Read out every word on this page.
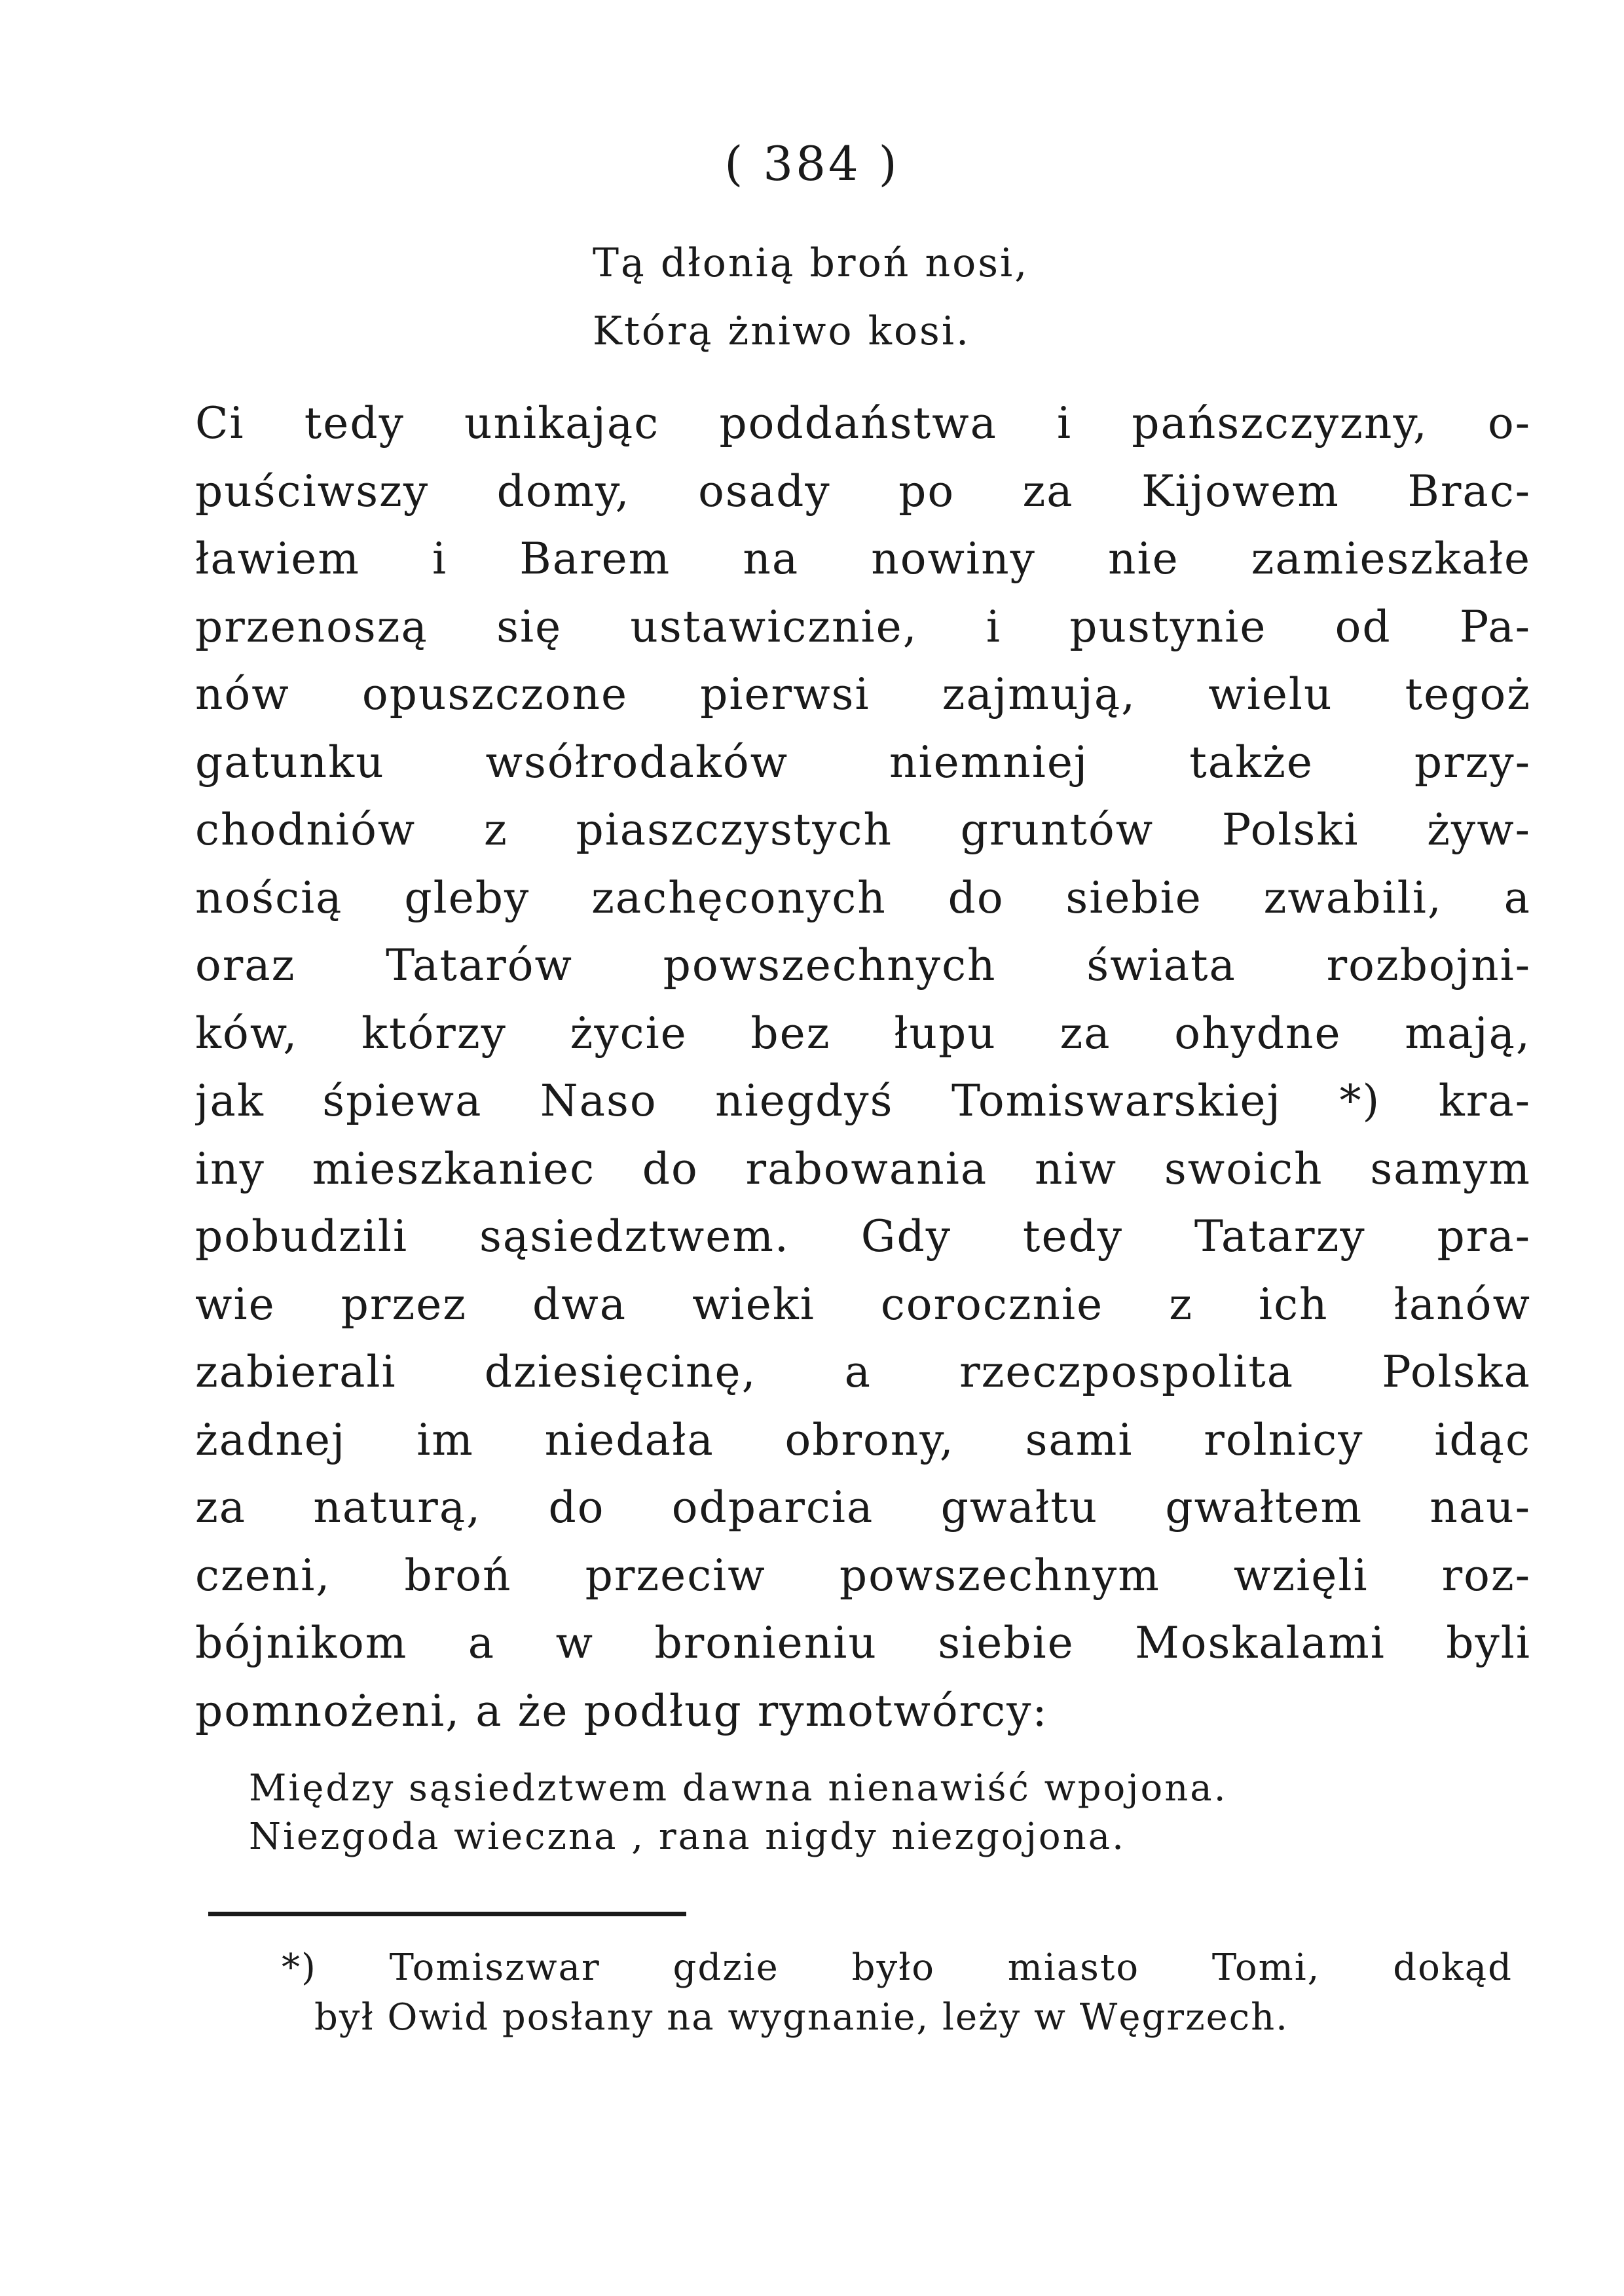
( 384 )
Tą dłonią broń nosi,
Którą żniwo kosi.
Ci tedy unikając poddaństwa i pańszczyzny, o-
puściwszy domy, osady po za Kijowem Brac-
ławiem i Barem na nowiny nie zamieszkałe
przenoszą się ustawicznie, i pustynie od Pa-
nów opuszczone pierwsi zajmują, wielu tegoż
gatunku wsółrodaków niemniej także przy-
chodniów z piaszczystych gruntów Polski żyw-
nością gleby zachęconych do siebie zwabili, a
oraz Tatarów powszechnych świata rozbojni-
ków, którzy życie bez łupu za ohydne mają,
jak śpiewa Naso niegdyś Tomiswarskiej *) kra-
iny mieszkaniec do rabowania niw swoich samym
pobudzili sąsiedztwem. Gdy tedy Tatarzy pra-
wie przez dwa wieki corocznie z ich łanów
zabierali dziesięcinę, a rzeczpospolita Polska
żadnej im niedała obrony, sami rolnicy idąc
za naturą, do odparcia gwałtu gwałtem nau-
czeni, broń przeciw powszechnym wzięli roz-
bójnikom a w bronieniu siebie Moskalami byli
pomnożeni, a że podług rymotwórcy:
Między sąsiedztwem dawna nienawiść wpojona.
Niezgoda wieczna , rana nigdy niezgojona.
*) Tomiszwar gdzie było miasto Tomi, dokąd
był Owid posłany na wygnanie, leży w Węgrzech.
